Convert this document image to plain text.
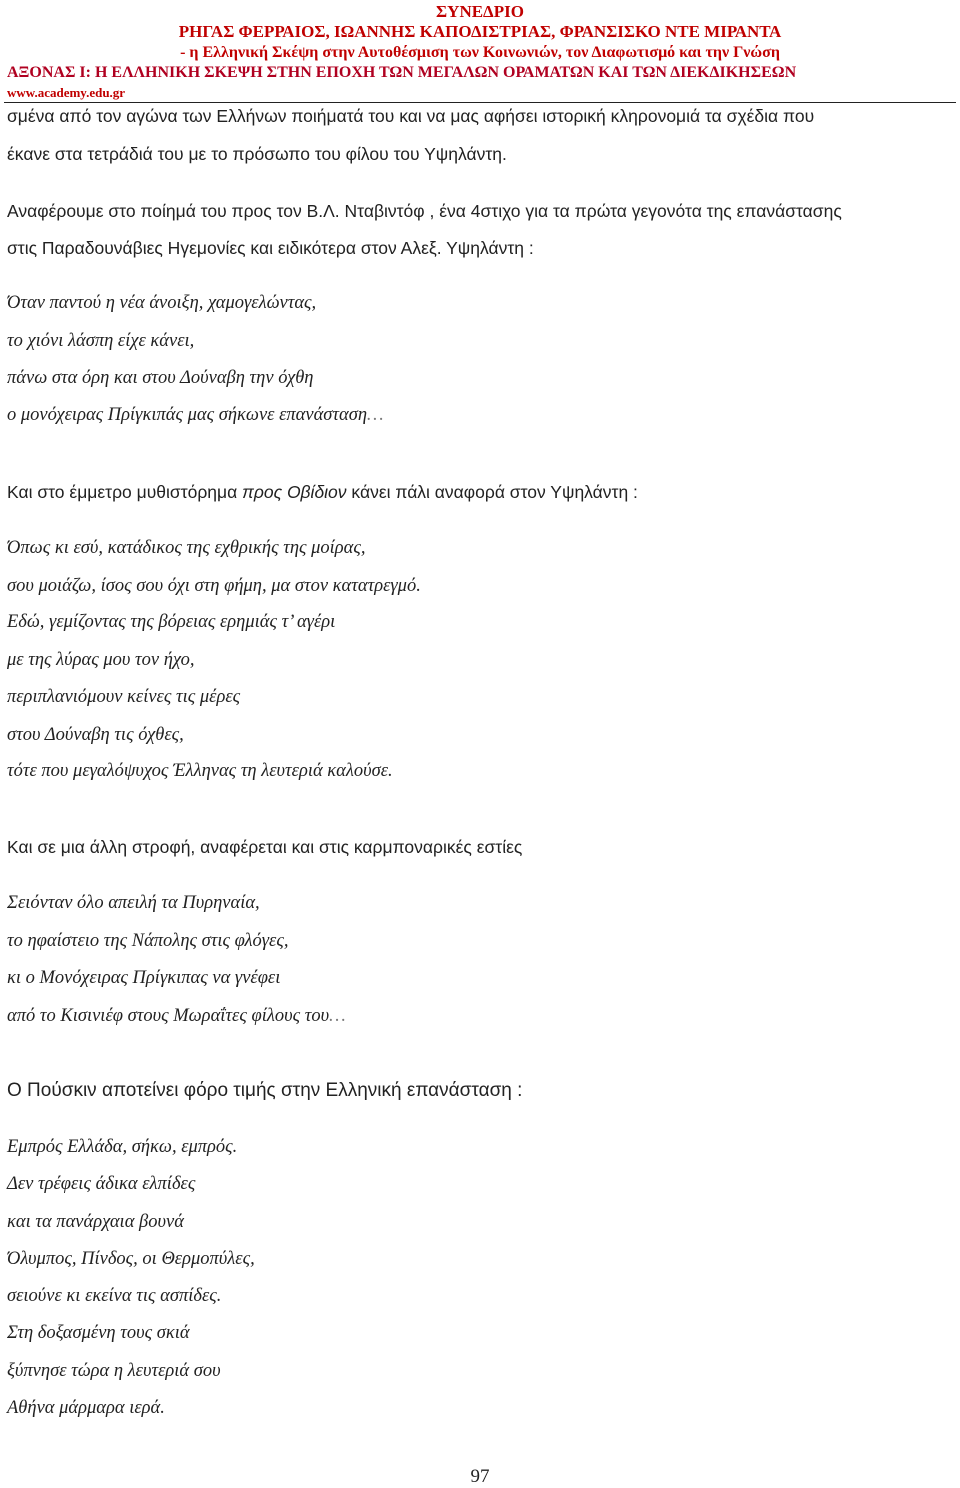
ΣΥΝΕΔΡΙΟ
ΡΗΓΑΣ ΦΕΡΡΑΙΟΣ, ΙΩΑΝΝΗΣ ΚΑΠΟΔΙΣΤΡΙΑΣ, ΦΡΑΝΣΙΣΚΟ ΝΤΕ ΜΙΡΑΝΤΑ
- η Ελληνική Σκέψη στην Αυτοθέσμιση των Κοινωνιών, τον Διαφωτισμό και την Γνώση
ΑΞΟΝΑΣ Ι: Η ΕΛΛΗΝΙΚΗ ΣΚΕΨΗ ΣΤΗΝ ΕΠΟΧΗ ΤΩΝ ΜΕΓΑΛΩΝ ΟΡΑΜΑΤΩΝ ΚΑΙ ΤΩΝ ΔΙΕΚΔΙΚΗΣΕΩΝ
www.academy.edu.gr
σμένα από τον αγώνα των Ελλήνων ποιήματά του και να μας αφήσει ιστορική κληρονομιά τα σχέδια που
έκανε στα τετράδιά του με το πρόσωπο του φίλου του Υψηλάντη.
Αναφέρουμε στο ποίημά του προς τον Β.Λ. Νταβιντόφ , ένα 4στιχο για τα πρώτα γεγονότα της επανάστασης
στις Παραδουνάβιες Ηγεμονίες και ειδικότερα στον Αλεξ. Υψηλάντη :
Όταν παντού η νέα άνοιξη, χαμογελώντας,
το χιόνι λάσπη είχε κάνει,
πάνω στα όρη και στου Δούναβη την όχθη
ο μονόχειρας Πρίγκιπάς μας σήκωνε επανάσταση…
Και στο έμμετρο μυθιστόρημα προς Οβίδιον κάνει πάλι αναφορά στον Υψηλάντη :
Όπως κι εσύ, κατάδικος της εχθρικής της μοίρας,
σου μοιάζω, ίσος σου όχι στη φήμη, μα στον κατατρεγμό.
Εδώ, γεμίζοντας της βόρειας ερημιάς τ’ αγέρι
με της λύρας μου τον ήχο,
περιπλανιόμουν κείνες τις μέρες
στου Δούναβη τις όχθες,
τότε που μεγαλόψυχος Έλληνας τη λευτεριά καλούσε.
Και σε μια άλλη στροφή, αναφέρεται και στις καρμποναρικές εστίες
Σειόνταν όλο απειλή τα Πυρηναία,
το ηφαίστειο της Νάπολης στις φλόγες,
κι ο Μονόχειρας Πρίγκιπας να γνέφει
από το Κισινιέφ στους Μωραΐτες φίλους του…
Ο Πούσκιν αποτείνει φόρο τιμής στην Ελληνική επανάσταση :
Εμπρός Ελλάδα, σήκω, εμπρός.
Δεν τρέφεις άδικα ελπίδες
και τα πανάρχαια βουνά
Όλυμπος, Πίνδος, οι Θερμοπύλες,
σειούνε κι εκείνα τις ασπίδες.
Στη δοξασμένη τους σκιά
ξύπνησε τώρα η λευτεριά σου
Αθήνα μάρμαρα ιερά.
97
